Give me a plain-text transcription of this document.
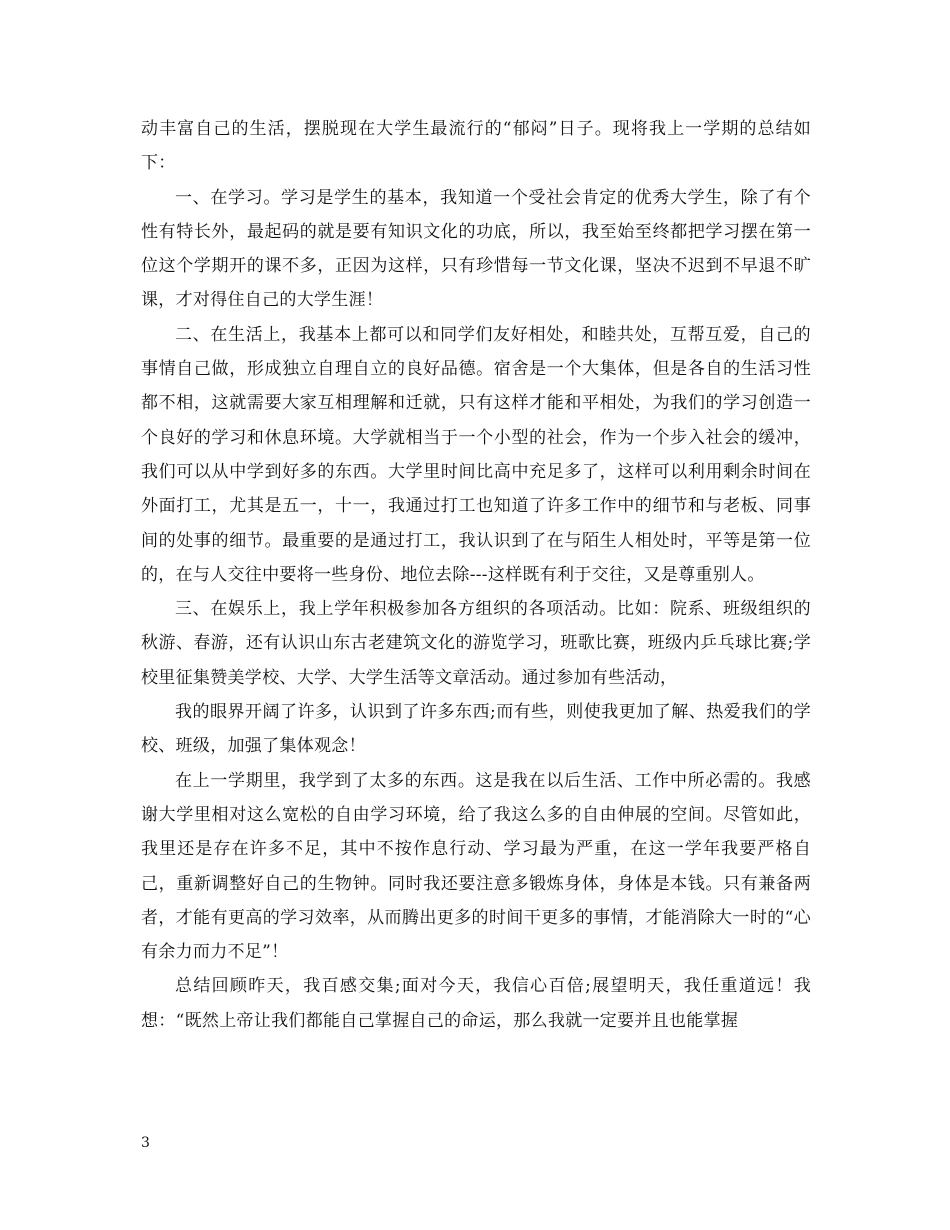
动丰富自己的生活，摆脱现在大学生最流行的“郁闷”日子。现将我上一学期的总结如下：

一、在学习。学习是学生的基本，我知道一个受社会肯定的优秀大学生，除了有个性有特长外，最起码的就是要有知识文化的功底，所以，我至始至终都把学习摆在第一位这个学期开的课不多，正因为这样，只有珍惜每一节文化课，坚决不迟到不早退不旷课，才对得住自己的大学生涯！

二、在生活上，我基本上都可以和同学们友好相处，和睦共处，互帮互爱，自己的事情自己做，形成独立自理自立的良好品德。宿舍是一个大集体，但是各自的生活习性都不相，这就需要大家互相理解和迁就，只有这样才能和平相处，为我们的学习创造一个良好的学习和休息环境。大学就相当于一个小型的社会，作为一个步入社会的缓冲，我们可以从中学到好多的东西。大学里时间比高中充足多了，这样可以利用剩余时间在外面打工，尤其是五一，十一，我通过打工也知道了许多工作中的细节和与老板、同事间的处事的细节。最重要的是通过打工，我认识到了在与陌生人相处时，平等是第一位的，在与人交往中要将一些身份、地位去除---这样既有利于交往，又是尊重别人。

三、在娱乐上，我上学年积极参加各方组织的各项活动。比如：院系、班级组织的秋游、春游，还有认识山东古老建筑文化的游览学习，班歌比赛，班级内乒乓球比赛;学校里征集赞美学校、大学、大学生活等文章活动。通过参加有些活动，

我的眼界开阔了许多，认识到了许多东西;而有些，则使我更加了解、热爱我们的学校、班级，加强了集体观念！

在上一学期里，我学到了太多的东西。这是我在以后生活、工作中所必需的。我感谢大学里相对这么宽松的自由学习环境，给了我这么多的自由伸展的空间。尽管如此，我里还是存在许多不足，其中不按作息行动、学习最为严重，在这一学年我要严格自己，重新调整好自己的生物钟。同时我还要注意多锻炼身体，身体是本钱。只有兼备两者，才能有更高的学习效率，从而腾出更多的时间干更多的事情，才能消除大一时的“心有余力而力不足”！

总结回顾昨天，我百感交集;面对今天，我信心百倍;展望明天，我任重道远！我想：“既然上帝让我们都能自己掌握自己的命运，那么我就一定要并且也能掌握

3
